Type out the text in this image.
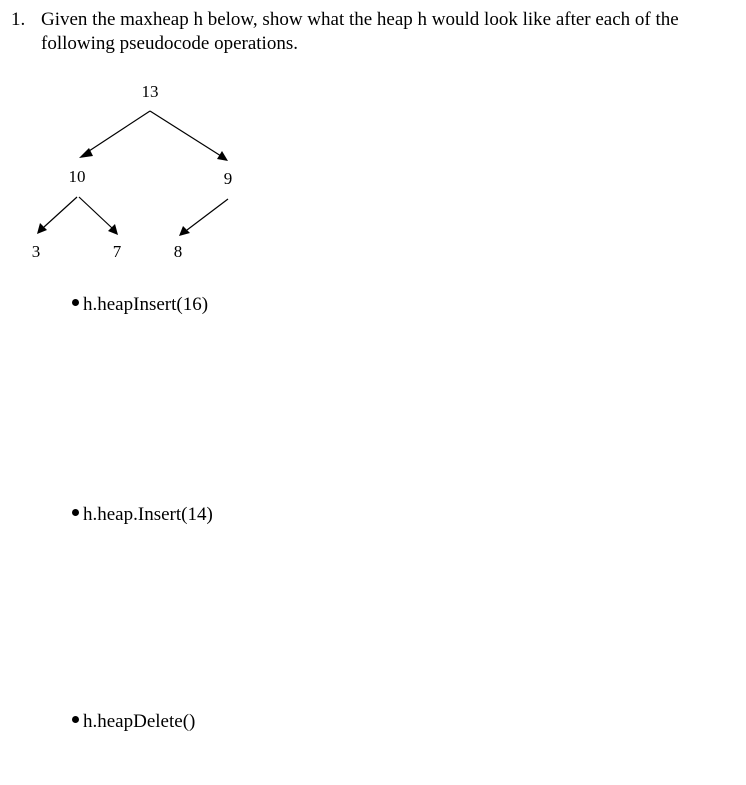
1. Given the maxheap h below, show what the heap h would look like after each of the following pseudocode operations.
13
10	9
3	7	8
h.heapInsert(16)
h.heap.Insert(14)
h.heapDelete()
